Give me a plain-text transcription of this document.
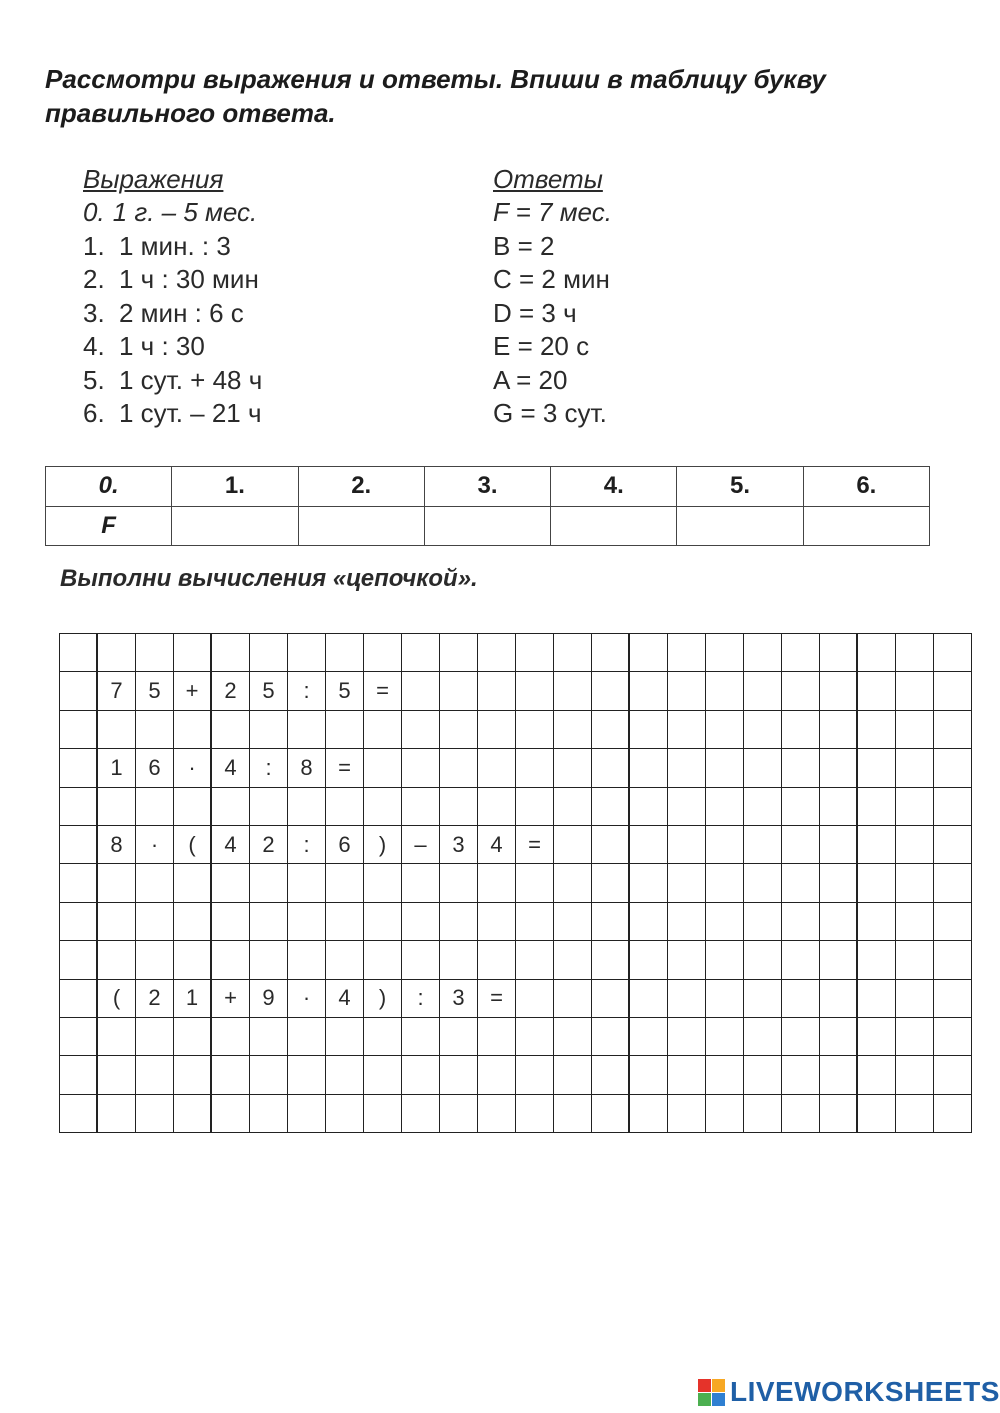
Рассмотри выражения и ответы. Впиши в таблицу букву правильного ответа.
Выражения
0. 1 г. – 5 мес.
1. 1 мин. : 3
2. 1 ч : 30 мин
3. 2 мин : 6 с
4. 1 ч : 30
5. 1 сут. + 48 ч
6. 1 сут. – 21 ч
Ответы
F = 7 мес.
B = 2
C = 2 мин
D = 3 ч
E = 20 с
A = 20
G = 3 сут.
0.	1.	2.	3.	4.	5.	6.
F						
Выполни вычисления «цепочкой».
7	5	+	2	5	:	5	=
1	6	·	4	:	8	=
8	·	(	4	2	:	6	)	–	3	4	=
(	2	1	+	9	·	4	)	:	3	=
LIVEWORKSHEETS
